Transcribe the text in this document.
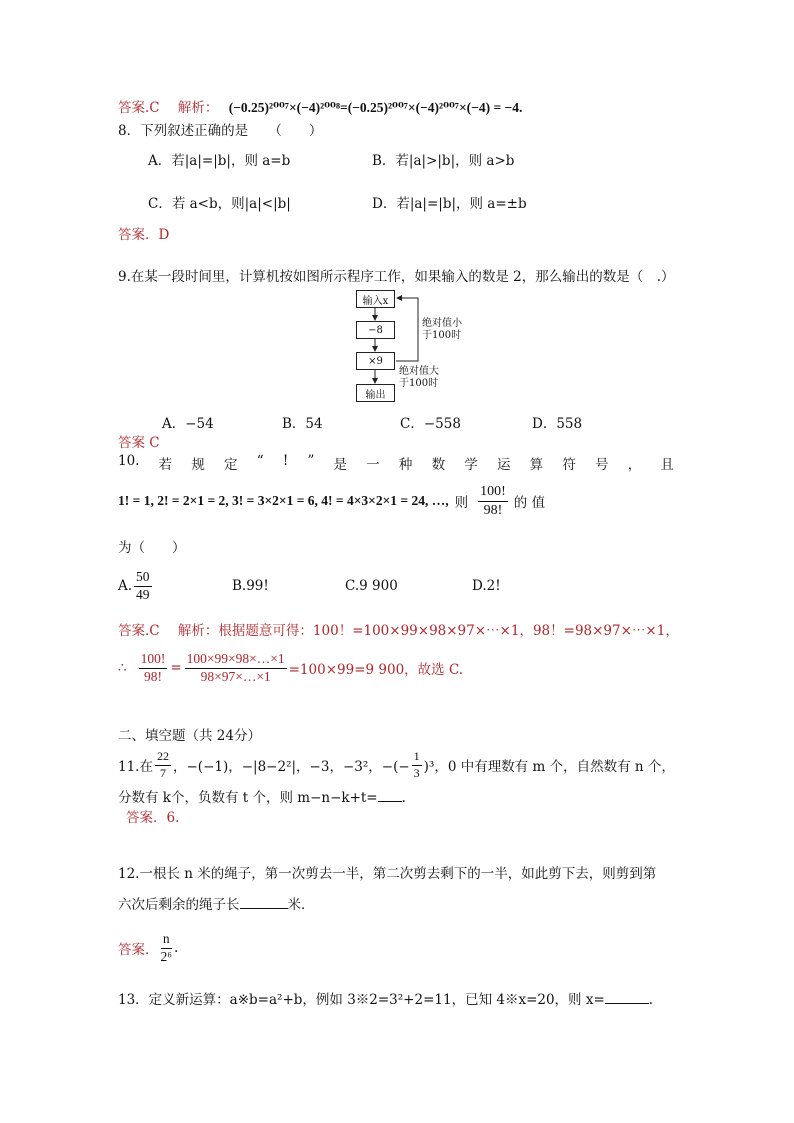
答案.C 解析： (−0.25)²⁰⁰⁷×(−4)²⁰⁰⁸=(−0.25)²⁰⁰⁷×(−4)²⁰⁰⁷×(−4) = −4.
8．下列叙述正确的是　　（　　）
A．若|a|=|b|，则 a=b	B．若|a|>|b|，则 a>b
C．若 a<b，则|a|<|b|	D．若|a|=|b|，则 a=±b
答案．D
9.在某一段时间里，计算机按如图所示程序工作，如果输入的数是 2，那么输出的数是（　.）
输入x
−8
×9
输出
绝对值小
于100时
绝对值大
于100时
A．−54	B．54	C．−558	D．558
答案 C
10. 若 规 定 “ ! ” 是 一 种 数 学 运 算 符 号 ， 且
1! = 1, 2! = 2×1 = 2, 3! = 3×2×1 = 6, 4! = 4×3×2×1 = 24, …, 则 $\frac{100!}{98!}$ 的 值
为（　　）
A. $\frac{50}{49}$	B.99!	C.9 900	D.2!
答案.C 解析：根据题意可得：100！=100×99×98×97×⋯×1，98！=98×97×⋯×1，
∴ $\frac{100!}{98!} = \frac{100\times 99\times 98\times\dots\times 1}{98\times 97\times\dots\times 1} =100\times 99=9$ 900，故选 C.
二、填空题（共 24分）
11.在 $\frac{22}{7}$ ，−(−1)，−|8−2²|，−3，−3²，−(− $\frac{1}{3} )^3$，0 中有理数有 m 个，自然数有 n 个，
分数有 k个，负数有 t 个，则 m−n−k+t= .
答案．6.
12.一根长 n 米的绳子，第一次剪去一半，第二次剪去剩下的一半，如此剪下去，则剪到第
六次后剩余的绳子长	米．
答案． $\frac{n}{\text{2⁶}}$ .
13．定义新运算：a※b=a²+b，例如 3※2=3²+2=11，已知 4※x=20，则 x=	.
